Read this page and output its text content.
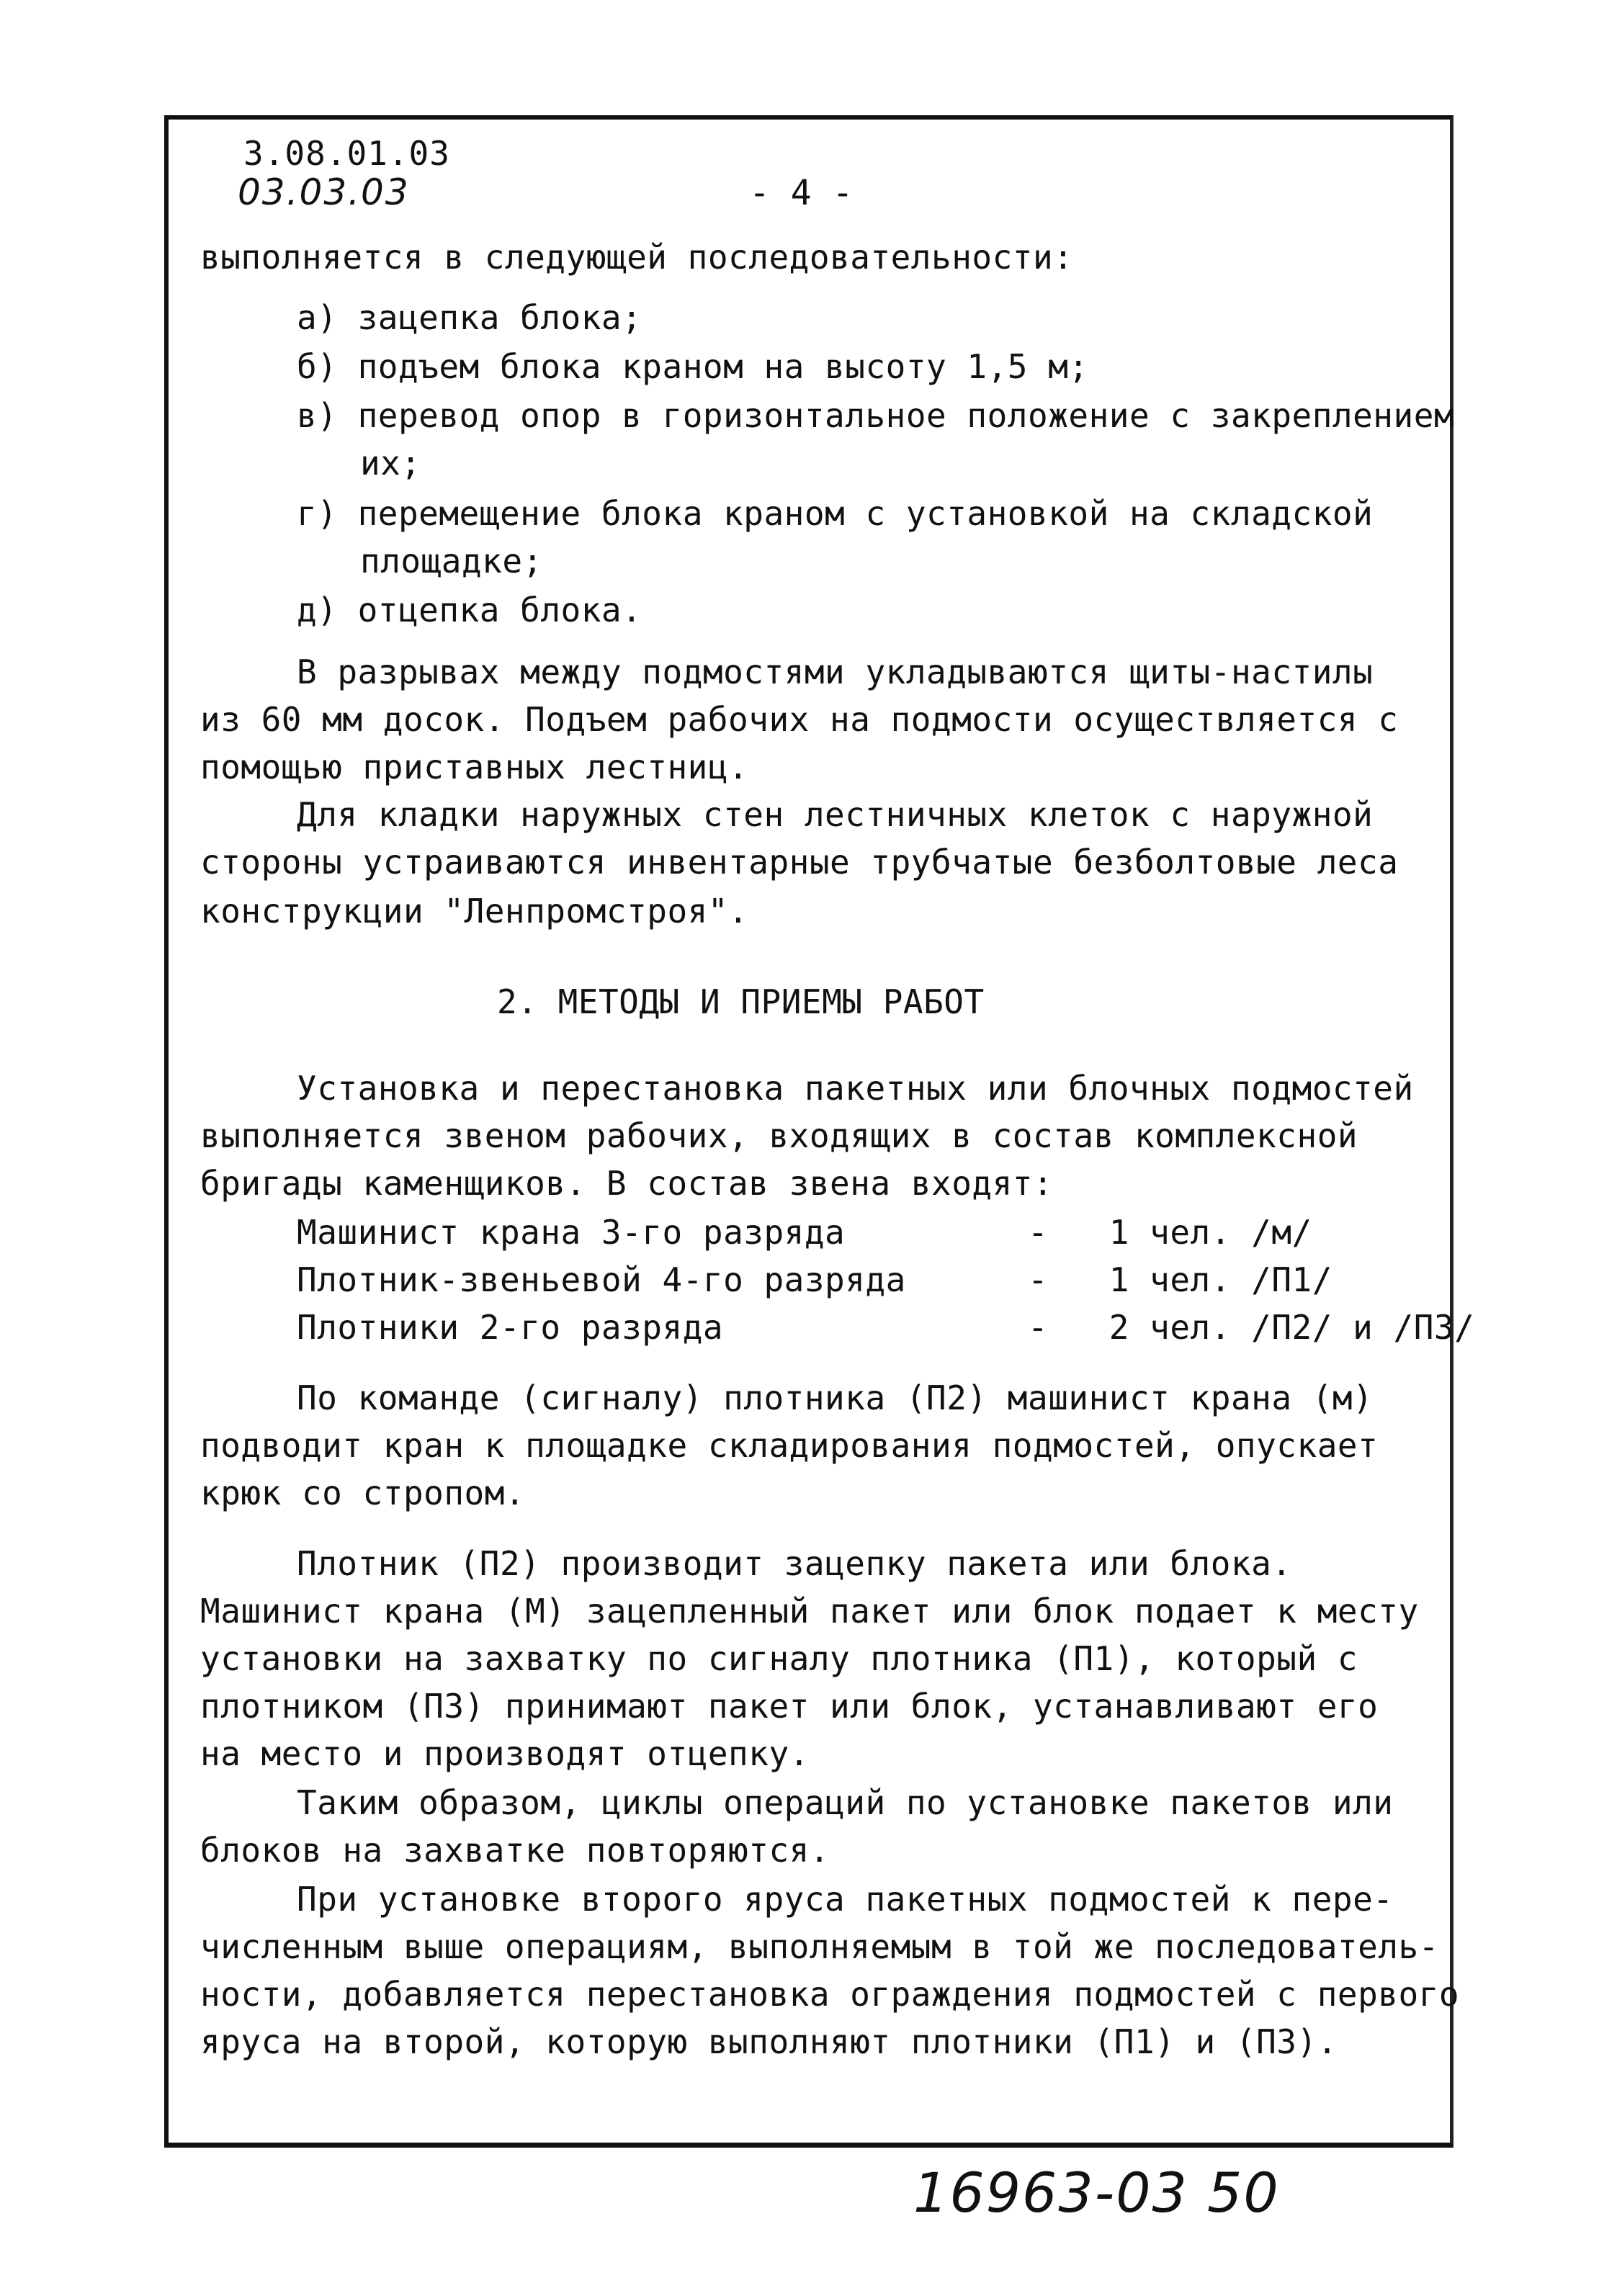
3.08.01.03
03.03.03	- 4 -
выполняется в следующей последовательности:
а) зацепка блока;
б) подъем блока краном на высоту 1,5 м;
в) перевод опор в горизонтальное положение с закреплением
их;
г) перемещение блока краном с установкой на складской
площадке;
д) отцепка блока.
В разрывах между подмостями укладываются щиты-настилы
из 60 мм досок. Подъем рабочих на подмости осуществляется с
помощью приставных лестниц.
Для кладки наружных стен лестничных клеток с наружной
стороны устраиваются инвентарные трубчатые безболтовые леса
конструкции "Ленпромстроя".
2. МЕТОДЫ И ПРИЕМЫ РАБОТ
Установка и перестановка пакетных или блочных подмостей
выполняется звеном рабочих, входящих в состав комплексной
бригады каменщиков. В состав звена входят:
Машинист крана 3-го разряда         -   1 чел. /м/
Плотник-звеньевой 4-го разряда      -   1 чел. /П1/
Плотники 2-го разряда               -   2 чел. /П2/ и /П3/
По команде (сигналу) плотника (П2) машинист крана (м)
подводит кран к площадке складирования подмостей, опускает
крюк со стропом.
Плотник (П2) производит зацепку пакета или блока.
Машинист крана (М) зацепленный пакет или блок подает к месту
установки на захватку по сигналу плотника (П1), который с
плотником (П3) принимают пакет или блок, устанавливают его
на место и производят отцепку.
Таким образом, циклы операций по установке пакетов или
блоков на захватке повторяются.
При установке второго яруса пакетных подмостей к пере-
численным выше операциям, выполняемым в той же последователь-
ности, добавляется перестановка ограждения подмостей с первого
яруса на второй, которую выполняют плотники (П1) и (П3).
16963-03 50
